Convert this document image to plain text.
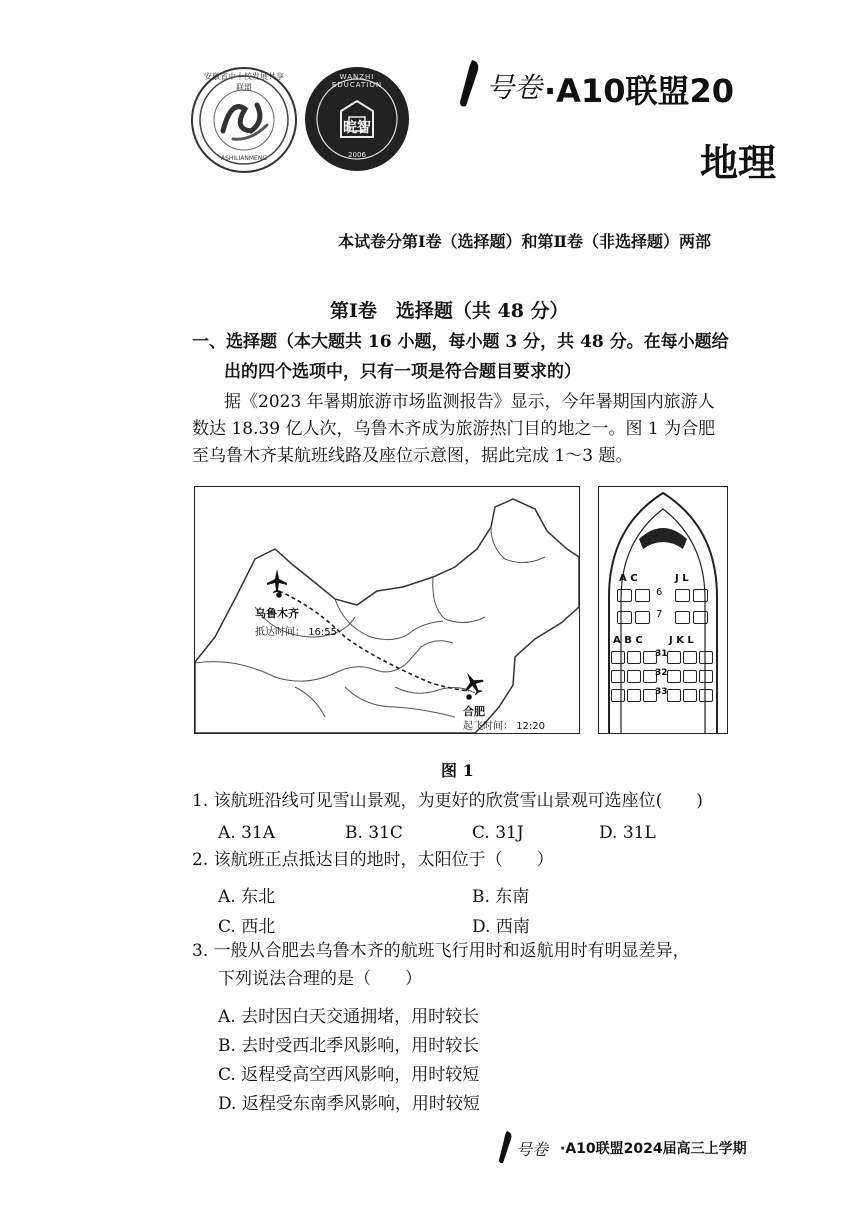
安徽省中十校发展共享联盟
ASHILIANMENG
WANZHI EDUCATION
晥智
2006
号卷 ·A10联盟20
地理
本试卷分第Ⅰ卷（选择题）和第Ⅱ卷（非选择题）两部
第Ⅰ卷　选择题（共 48 分）
一、选择题（本大题共 16 小题，每小题 3 分，共 48 分。在每小题给
出的四个选项中，只有一项是符合题目要求的）
据《2023 年暑期旅游市场监测报告》显示，今年暑期国内旅游人
数达 18.39 亿人次，乌鲁木齐成为旅游热门目的地之一。图 1 为合肥
至乌鲁木齐某航班线路及座位示意图，据此完成 1～3 题。
乌鲁木齐
抵达时间： 16:55
合肥
起飞时间： 12:20
A C	J L
6
7
A B C	J K L
31
32
33
图 1
1. 该航班沿线可见雪山景观，为更好的欣赏雪山景观可选座位(　　)
A. 31A	B. 31C	C. 31J	D. 31L
2. 该航班正点抵达目的地时，太阳位于（　　）
A. 东北	B. 东南
C. 西北	D. 西南
3. 一般从合肥去乌鲁木齐的航班飞行用时和返航用时有明显差异，
下列说法合理的是（　　）
A. 去时因白天交通拥堵，用时较长
B. 去时受西北季风影响，用时较长
C. 返程受高空西风影响，用时较短
D. 返程受东南季风影响，用时较短
号卷 ·A10联盟2024届高三上学期
